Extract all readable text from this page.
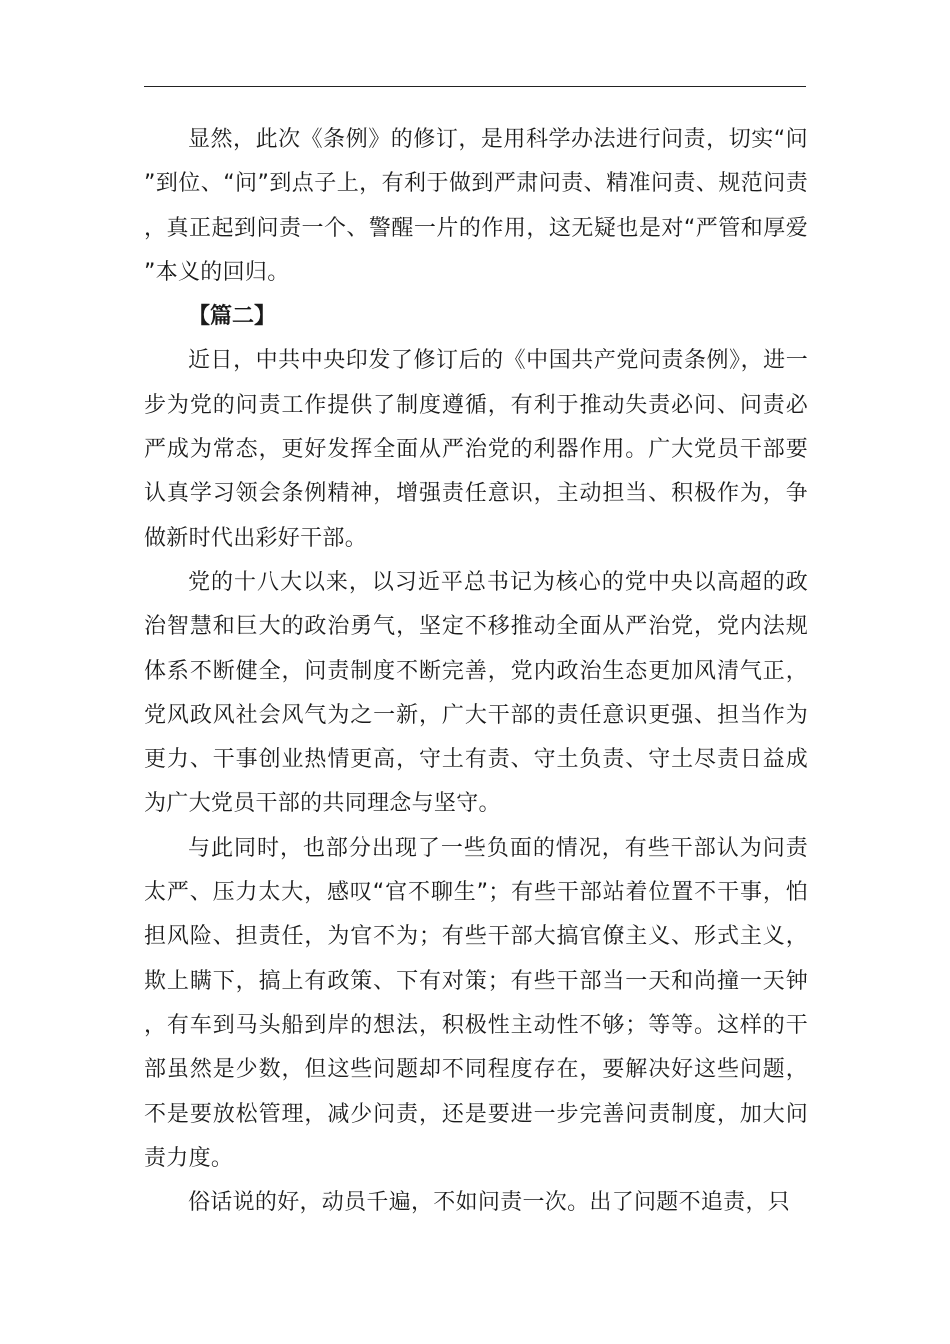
显然，此次《条例》的修订，是用科学办法进行问责，切实“问”到位、“问”到点子上，有利于做到严肃问责、精准问责、规范问责，真正起到问责一个、警醒一片的作用，这无疑也是对“严管和厚爱”本义的回归。

【篇二】

近日，中共中央印发了修订后的《中国共产党问责条例》，进一步为党的问责工作提供了制度遵循，有利于推动失责必问、问责必严成为常态，更好发挥全面从严治党的利器作用。广大党员干部要认真学习领会条例精神，增强责任意识，主动担当、积极作为，争做新时代出彩好干部。

党的十八大以来，以习近平总书记为核心的党中央以高超的政治智慧和巨大的政治勇气，坚定不移推动全面从严治党，党内法规体系不断健全，问责制度不断完善，党内政治生态更加风清气正，党风政风社会风气为之一新，广大干部的责任意识更强、担当作为更力、干事创业热情更高，守土有责、守土负责、守土尽责日益成为广大党员干部的共同理念与坚守。

与此同时，也部分出现了一些负面的情况，有些干部认为问责太严、压力太大，感叹“官不聊生”；有些干部站着位置不干事，怕担风险、担责任，为官不为；有些干部大搞官僚主义、形式主义，欺上瞒下，搞上有政策、下有对策；有些干部当一天和尚撞一天钟，有车到马头船到岸的想法，积极性主动性不够；等等。这样的干部虽然是少数，但这些问题却不同程度存在，要解决好这些问题，不是要放松管理，减少问责，还是要进一步完善问责制度，加大问责力度。

俗话说的好，动员千遍，不如问责一次。出了问题不追责，只
